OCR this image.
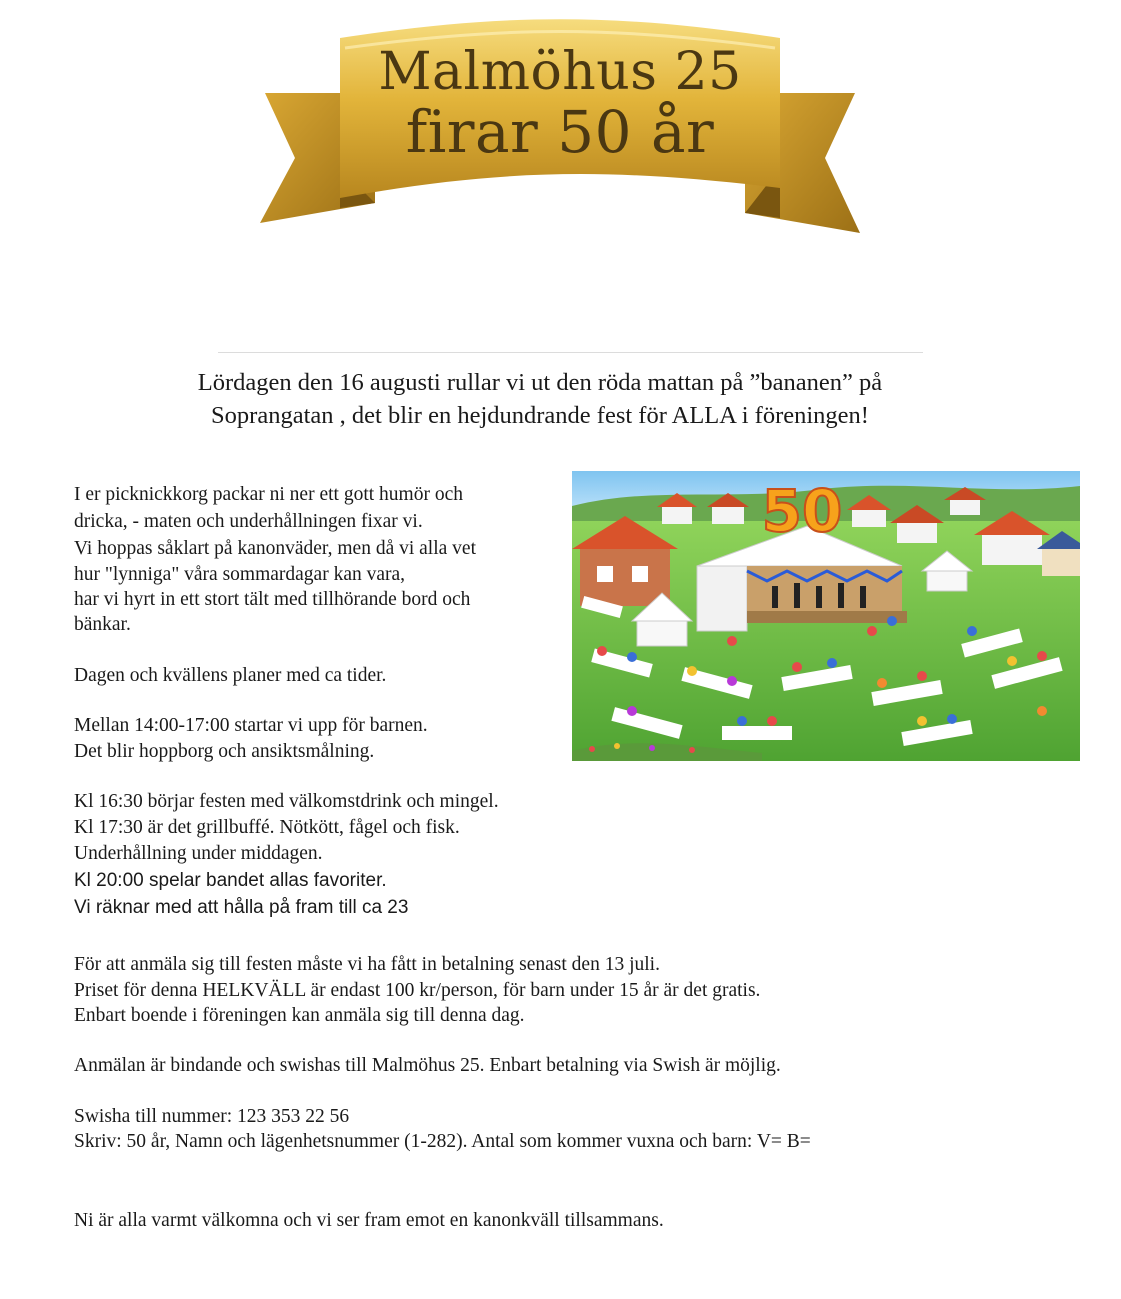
Malmöhus 25
firar 50 år
Lördagen den 16 augusti rullar vi ut den röda mattan på ”bananen” på
Soprangatan , det blir en hejdundrande fest för ALLA i föreningen!
I er picknickkorg packar ni ner ett gott humör och
dricka, - maten och underhållningen fixar vi.
Vi hoppas såklart på kanonväder, men då vi alla vet
hur "lynniga" våra sommardagar kan vara,
har vi hyrt in ett stort tält med tillhörande bord och
bänkar.
Dagen och kvällens planer med ca tider.
Mellan 14:00-17:00 startar vi upp för barnen.
Det blir hoppborg och ansiktsmålning.
Kl 16:30 börjar festen med välkomstdrink och mingel.
Kl 17:30 är det grillbuffé. Nötkött, fågel och fisk.
Underhållning under middagen.
Kl 20:00 spelar bandet allas favoriter.
Vi räknar med att hålla på fram till ca 23
För att anmäla sig till festen måste vi ha fått in betalning senast den 13 juli.
Priset för denna HELKVÄLL är endast 100 kr/person, för barn under 15 år är det gratis.
Enbart boende i föreningen kan anmäla sig till denna dag.
Anmälan är bindande och swishas till Malmöhus 25. Enbart betalning via Swish är möjlig.
Swisha till nummer: 123 353 22 56
Skriv: 50 år, Namn och lägenhetsnummer (1-282). Antal som kommer vuxna och barn: V= B=
Ni är alla varmt välkomna och vi ser fram emot en kanonkväll tillsammans.
50
